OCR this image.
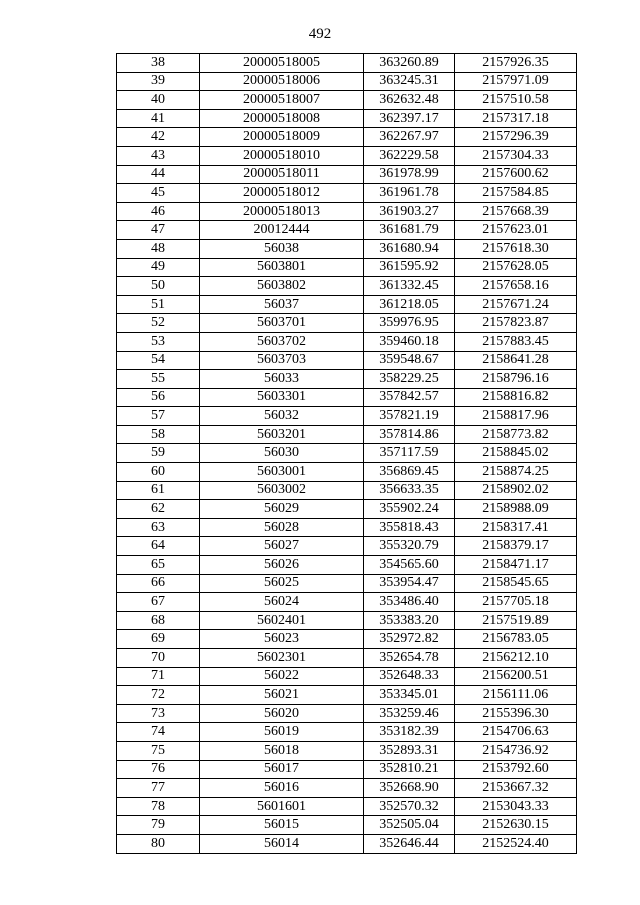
492
38	20000518005	363260.89	2157926.35
39	20000518006	363245.31	2157971.09
40	20000518007	362632.48	2157510.58
41	20000518008	362397.17	2157317.18
42	20000518009	362267.97	2157296.39
43	20000518010	362229.58	2157304.33
44	20000518011	361978.99	2157600.62
45	20000518012	361961.78	2157584.85
46	20000518013	361903.27	2157668.39
47	20012444	361681.79	2157623.01
48	56038	361680.94	2157618.30
49	5603801	361595.92	2157628.05
50	5603802	361332.45	2157658.16
51	56037	361218.05	2157671.24
52	5603701	359976.95	2157823.87
53	5603702	359460.18	2157883.45
54	5603703	359548.67	2158641.28
55	56033	358229.25	2158796.16
56	5603301	357842.57	2158816.82
57	56032	357821.19	2158817.96
58	5603201	357814.86	2158773.82
59	56030	357117.59	2158845.02
60	5603001	356869.45	2158874.25
61	5603002	356633.35	2158902.02
62	56029	355902.24	2158988.09
63	56028	355818.43	2158317.41
64	56027	355320.79	2158379.17
65	56026	354565.60	2158471.17
66	56025	353954.47	2158545.65
67	56024	353486.40	2157705.18
68	5602401	353383.20	2157519.89
69	56023	352972.82	2156783.05
70	5602301	352654.78	2156212.10
71	56022	352648.33	2156200.51
72	56021	353345.01	2156111.06
73	56020	353259.46	2155396.30
74	56019	353182.39	2154706.63
75	56018	352893.31	2154736.92
76	56017	352810.21	2153792.60
77	56016	352668.90	2153667.32
78	5601601	352570.32	2153043.33
79	56015	352505.04	2152630.15
80	56014	352646.44	2152524.40
